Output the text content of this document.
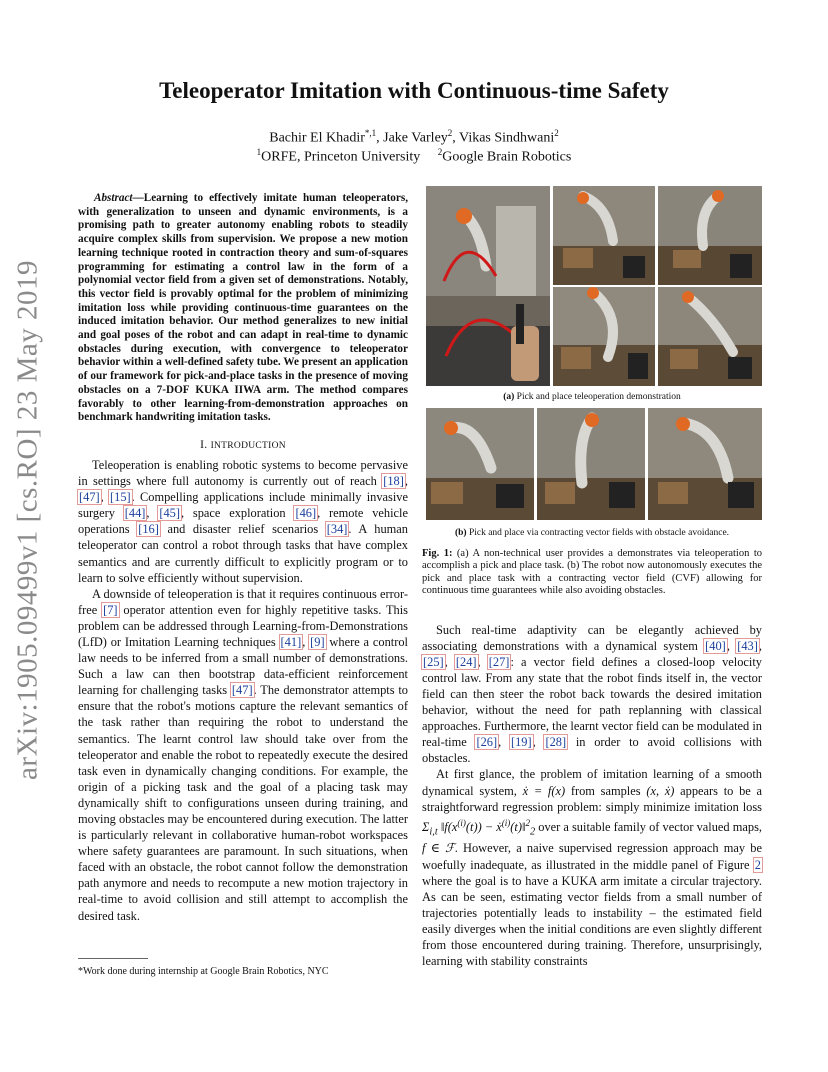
arXiv:1905.09499v1 [cs.RO] 23 May 2019
Teleoperator Imitation with Continuous-time Safety
Bachir El Khadir$^{*,1}$, Jake Varley$^2$, Vikas Sindhwani$^2$
$^1$ORFE, Princeton University     $^2$Google Brain Robotics

Abstract—Learning to effectively imitate human teleoperators, with generalization to unseen and dynamic environments, is a promising path to greater autonomy enabling robots to steadily acquire complex skills from supervision. We propose a new motion learning technique rooted in contraction theory and sum-of-squares programming for estimating a control law in the form of a polynomial vector field from a given set of demonstrations. Notably, this vector field is provably optimal for the problem of minimizing imitation loss while providing continuous-time guarantees on the induced imitation behavior. Our method generalizes to new initial and goal poses of the robot and can adapt in real-time to dynamic obstacles during execution, with convergence to teleoperator behavior within a well-defined safety tube. We present an application of our framework for pick-and-place tasks in the presence of moving obstacles on a 7-DOF KUKA IIWA arm. The method compares favorably to other learning-from-demonstration approaches on benchmark handwriting imitation tasks.

I. INTRODUCTION

Teleoperation is enabling robotic systems to become pervasive in settings where full autonomy is currently out of reach [18], [47], [15]. Compelling applications include minimally invasive surgery [44], [45], space exploration [46], remote vehicle operations [16] and disaster relief scenarios [34]. A human teleoperator can control a robot through tasks that have complex semantics and are currently difficult to explicitly program or to learn to solve efficiently without supervision.

A downside of teleoperation is that it requires continuous error-free [7] operator attention even for highly repetitive tasks. This problem can be addressed through Learning-from-Demonstrations (LfD) or Imitation Learning techniques [41], [9] where a control law needs to be inferred from a small number of demonstrations. Such a law can then bootstrap data-efficient reinforcement learning for challenging tasks [47]. The demonstrator attempts to ensure that the robot's motions capture the relevant semantics of the task rather than requiring the robot to understand the semantics. The learnt control law should take over from the teleoperator and enable the robot to repeatedly execute the desired task even in dynamically changing conditions. For example, the origin of a picking task and the goal of a placing task may dynamically shift to configurations unseen during training, and moving obstacles may be encountered during execution. The latter is particularly relevant in collaborative human-robot workspaces where safety guarantees are paramount. In such situations, when faced with an obstacle, the robot cannot follow the demonstration path anymore and needs to recompute a new motion trajectory in real-time to avoid collision and still attempt to accomplish the desired task.

*Work done during internship at Google Brain Robotics, NYC

(a) Pick and place teleoperation demonstration

(b) Pick and place via contracting vector fields with obstacle avoidance.

Fig. 1: (a) A non-technical user provides a demonstrates via teleoperation to accomplish a pick and place task. (b) The robot now autonomously executes the pick and place task with a contracting vector field (CVF) allowing for continuous time guarantees while also avoiding obstacles.

Such real-time adaptivity can be elegantly achieved by associating demonstrations with a dynamical system [40], [43], [25], [24], [27]: a vector field defines a closed-loop velocity control law. From any state that the robot finds itself in, the vector field can then steer the robot back towards the desired imitation behavior, without the need for path replanning with classical approaches. Furthermore, the learnt vector field can be modulated in real-time [26], [19], [28] in order to avoid collisions with obstacles.

At first glance, the problem of imitation learning of a smooth dynamical system, ẋ = f(x) from samples (x, ẋ) appears to be a straightforward regression problem: simply minimize imitation loss $\Sigma_{i,t}$ $‖f(x^{(i)}(t))$ − ẋ$^{(i)}$(t)‖$^2_2$ over a suitable family of vector valued maps, f ∈ ℱ. However, a naive supervised regression approach may be woefully inadequate, as illustrated in the middle panel of Figure 2 where the goal is to have a KUKA arm imitate a circular trajectory. As can be seen, estimating vector fields from a small number of trajectories potentially leads to instability – the estimated field easily diverges when the initial conditions are even slightly different from those encountered during training. Therefore, unsurprisingly, learning with stability constraints
